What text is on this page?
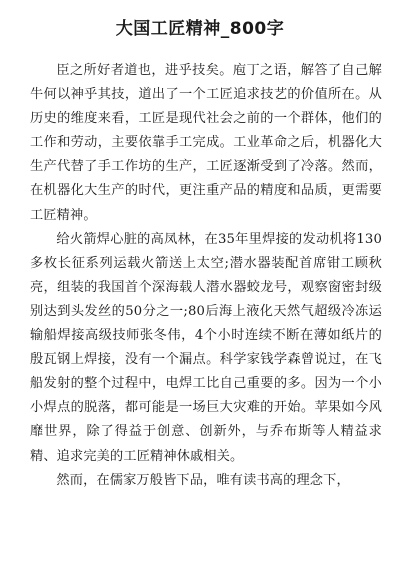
大国工匠精神_800字

臣之所好者道也，进乎技矣。庖丁之语，解答了自己解牛何以神乎其技，道出了一个工匠追求技艺的价值所在。从历史的维度来看，工匠是现代社会之前的一个群体，他们的工作和劳动，主要依靠手工完成。工业革命之后，机器化大生产代替了手工作坊的生产，工匠逐渐受到了冷落。然而，在机器化大生产的时代，更注重产品的精度和品质，更需要工匠精神。

给火箭焊心脏的高凤林，在35年里焊接的发动机将130多枚长征系列运载火箭送上太空;潜水器装配首席钳工顾秋亮，组装的我国首个深海载人潜水器蛟龙号，观察窗密封级别达到头发丝的50分之一;80后海上液化天然气超级冷冻运输船焊接高级技师张冬伟，4个小时连续不断在薄如纸片的殷瓦钢上焊接，没有一个漏点。科学家钱学森曾说过，在飞船发射的整个过程中，电焊工比自己重要的多。因为一个小小焊点的脱落，都可能是一场巨大灾难的开始。苹果如今风靡世界，除了得益于创意、创新外，与乔布斯等人精益求精、追求完美的工匠精神休戚相关。

然而，在儒家万般皆下品，唯有读书高的理念下，
